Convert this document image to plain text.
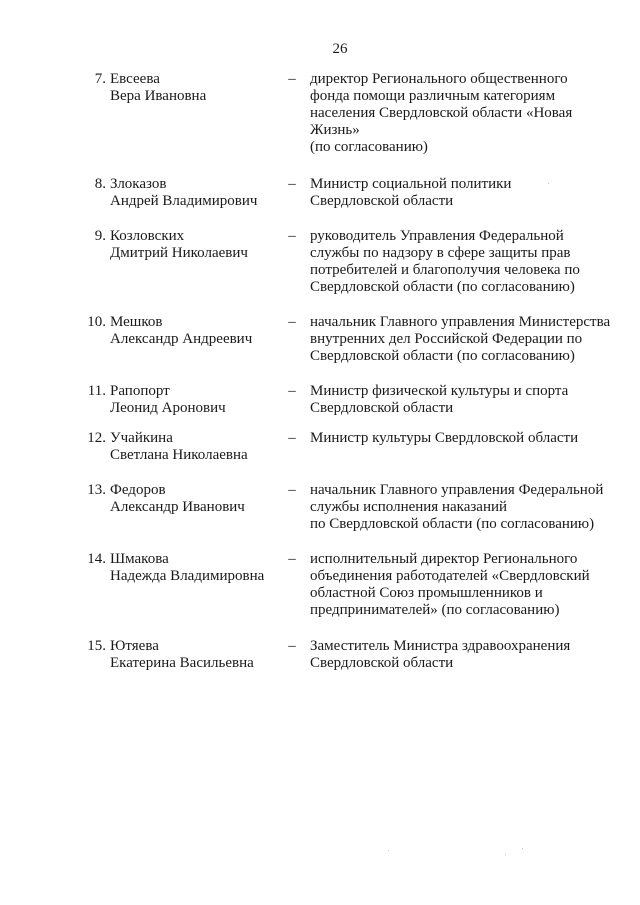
26
7. Евсеева
Вера Ивановна
– директор Регионального общественного
фонда помощи различным категориям
населения Свердловской области «Новая
Жизнь»
(по согласованию)
8. Злоказов
Андрей Владимирович
– Министр социальной политики
Свердловской области
9. Козловских
Дмитрий Николаевич
– руководитель Управления Федеральной
службы по надзору в сфере защиты прав
потребителей и благополучия человека по
Свердловской области (по согласованию)
10. Мешков
Александр Андреевич
– начальник Главного управления Министерства
внутренних дел Российской Федерации по
Свердловской области (по согласованию)
11. Рапопорт
Леонид Аронович
– Министр физической культуры и спорта
Свердловской области
12. Учайкина
Светлана Николаевна
– Министр культуры Свердловской области
13. Федоров
Александр Иванович
– начальник Главного управления Федеральной
службы исполнения наказаний
по Свердловской области (по согласованию)
14. Шмакова
Надежда Владимировна
– исполнительный директор Регионального
объединения работодателей «Свердловский
областной Союз промышленников и
предпринимателей» (по согласованию)
15. Ютяева
Екатерина Васильевна
– Заместитель Министра здравоохранения
Свердловской области
